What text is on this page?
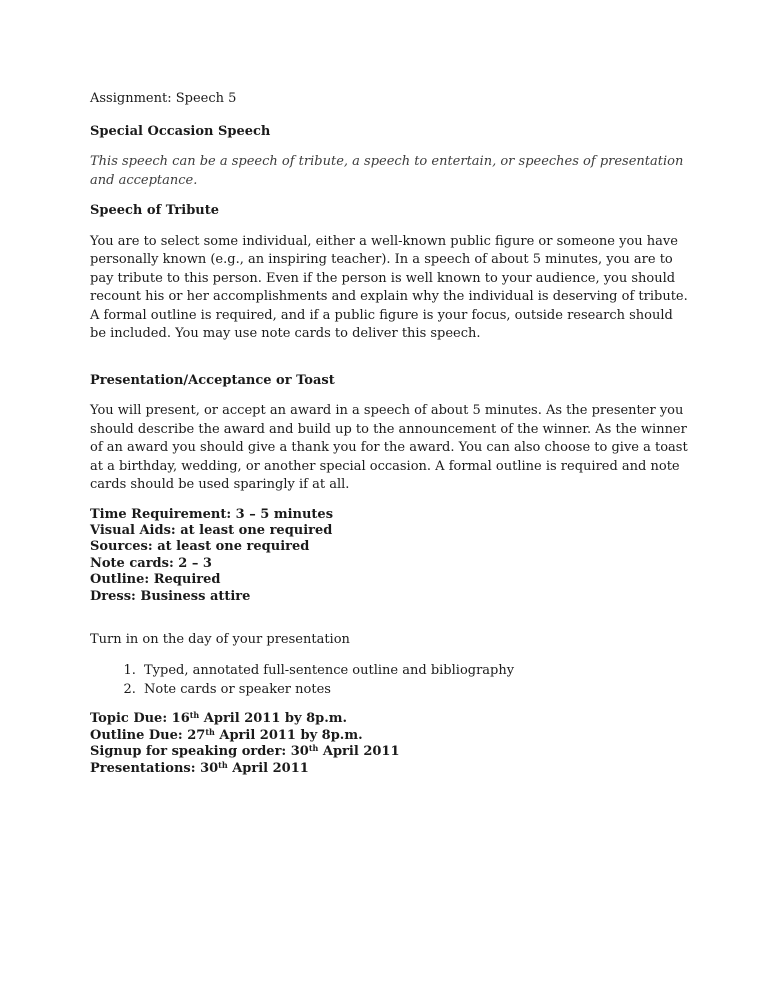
Assignment: Speech 5

Special Occasion Speech

This speech can be a speech of tribute, a speech to entertain, or speeches of presentation and acceptance.

Speech of Tribute

You are to select some individual, either a well-known public figure or someone you have personally known (e.g., an inspiring teacher). In a speech of about 5 minutes, you are to pay tribute to this person. Even if the person is well known to your audience, you should recount his or her accomplishments and explain why the individual is deserving of tribute. A formal outline is required, and if a public figure is your focus, outside research should be included. You may use note cards to deliver this speech.

Presentation/Acceptance or Toast

You will present, or accept an award in a speech of about 5 minutes. As the presenter you should describe the award and build up to the announcement of the winner. As the winner of an award you should give a thank you for the award. You can also choose to give a toast at a birthday, wedding, or another special occasion. A formal outline is required and note cards should be used sparingly if at all.

Time Requirement: 3 – 5 minutes
Visual Aids: at least one required
Sources: at least one required
Note cards: 2 – 3
Outline: Required
Dress: Business attire

Turn in on the day of your presentation

1. Typed, annotated full-sentence outline and bibliography
2. Note cards or speaker notes
Topic Due: 16th April 2011 by 8p.m.
Outline Due: 27th April 2011 by 8p.m.
Signup for speaking order: 30th April 2011
Presentations: 30th April 2011
